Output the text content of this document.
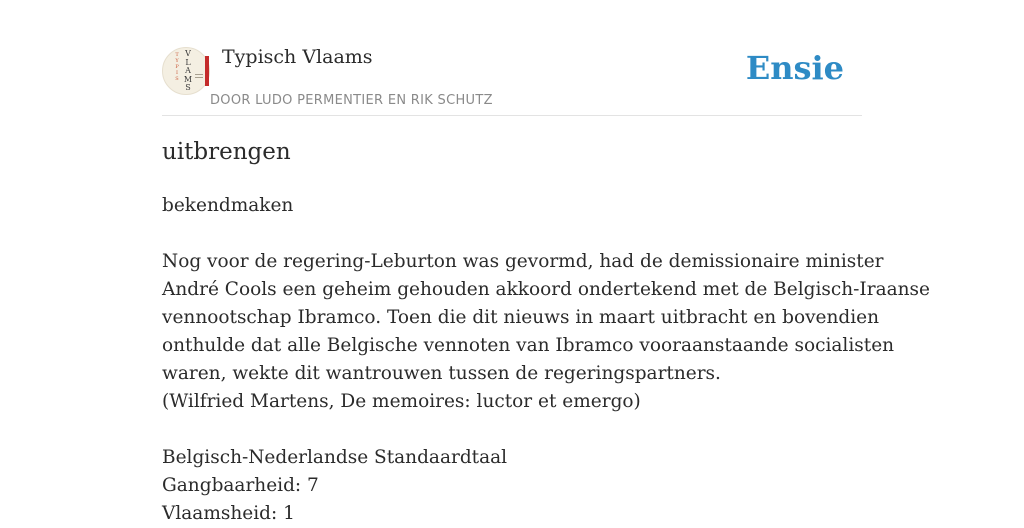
T
Y
P
I
S
V
L
A
M
S
Typisch Vlaams
DOOR LUDO PERMENTIER EN RIK SCHUTZ
Ensie
uitbrengen
bekendmaken
Nog voor de regering-Leburton was gevormd, had de demissionaire minister
André Cools een geheim gehouden akkoord ondertekend met de Belgisch-Iraanse
vennootschap Ibramco. Toen die dit nieuws in maart uitbracht en bovendien
onthulde dat alle Belgische vennoten van Ibramco vooraanstaande socialisten
waren, wekte dit wantrouwen tussen de regeringspartners.
(Wilfried Martens, De memoires: luctor et emergo)
Belgisch-Nederlandse Standaardtaal
Gangbaarheid: 7
Vlaamsheid: 1
